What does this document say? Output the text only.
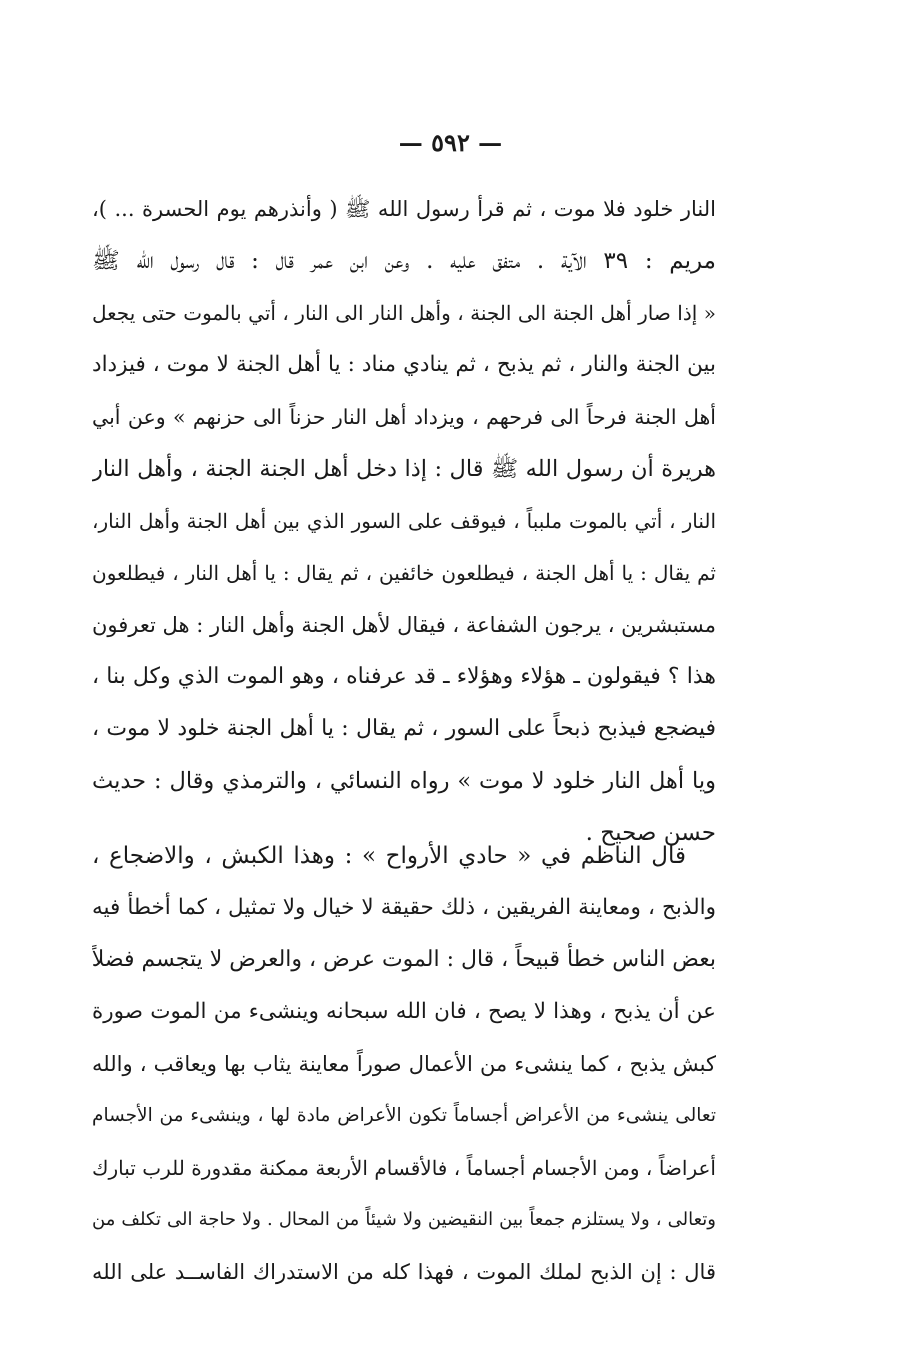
— ٥٩٢ —
النار خلود فلا موت ، ثم قرأ رسول الله ﷺ ( وأنذرهم يوم الحسرة ... )،
مريم : ٣٩ الآية . متفق عليه . وعن ابن عمر قال : قال رسول الله ﷺ
« إذا صار أهل الجنة الى الجنة ، وأهل النار الى النار ، أتي بالموت حتى يجعل
بين الجنة والنار ، ثم يذبح ، ثم ينادي مناد : يا أهل الجنة لا موت ، فيزداد
أهل الجنة فرحاً الى فرحهم ، ويزداد أهل النار حزناً الى حزنهم » وعن أبي
هريرة أن رسول الله ﷺ قال : إذا دخل أهل الجنة الجنة ، وأهل النار
النار ، أتي بالموت ملبباً ، فيوقف على السور الذي بين أهل الجنة وأهل النار،
ثم يقال : يا أهل الجنة ، فيطلعون خائفين ، ثم يقال : يا أهل النار ، فيطلعون
مستبشرين ، يرجون الشفاعة ، فيقال لأهل الجنة وأهل النار : هل تعرفون
هذا ؟ فيقولون ـ هؤلاء وهؤلاء ـ قد عرفناه ، وهو الموت الذي وكل بنا ،
فيضجع فيذبح ذبحاً على السور ، ثم يقال : يا أهل الجنة خلود لا موت ،
ويا أهل النار خلود لا موت » رواه النسائي ، والترمذي وقال : حديث
حسن صحيح .
قال الناظم في « حادي الأرواح » : وهذا الكبش ، والاضجاع ،
والذبح ، ومعاينة الفريقين ، ذلك حقيقة لا خيال ولا تمثيل ، كما أخطأ فيه
بعض الناس خطأ قبيحاً ، قال : الموت عرض ، والعرض لا يتجسم فضلاً
عن أن يذبح ، وهذا لا يصح ، فان الله سبحانه وينشىء من الموت صورة
كبش يذبح ، كما ينشىء من الأعمال صوراً معاينة يثاب بها ويعاقب ، والله
تعالى ينشىء من الأعراض أجساماً تكون الأعراض مادة لها ، وينشىء من الأجسام
أعراضاً ، ومن الأجسام أجساماً ، فالأقسام الأربعة ممكنة مقدورة للرب تبارك
وتعالى ، ولا يستلزم جمعاً بين النقيضين ولا شيئاً من المحال . ولا حاجة الى تكلف من
قال : إن الذبح لملك الموت ، فهذا كله من الاستدراك الفاســد على الله
